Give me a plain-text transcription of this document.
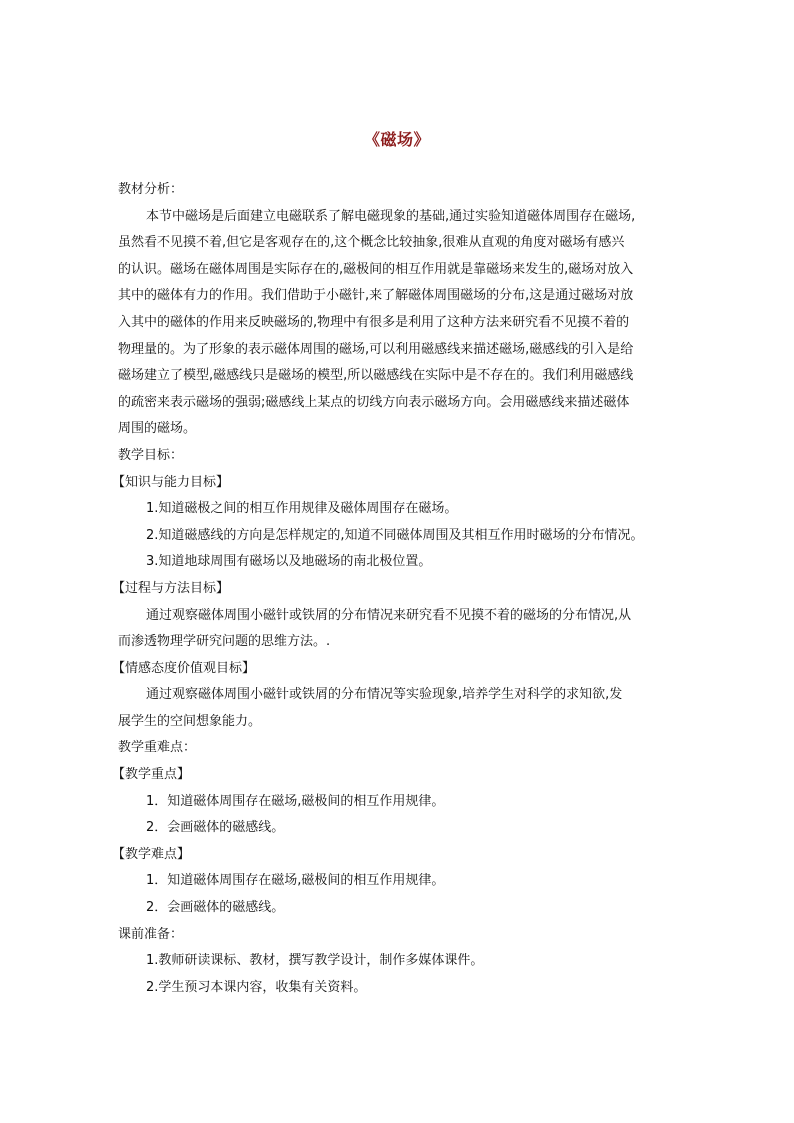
《磁场》
教材分析：
本节中磁场是后面建立电磁联系了解电磁现象的基础,通过实验知道磁体周围存在磁场,
虽然看不见摸不着,但它是客观存在的,这个概念比较抽象,很难从直观的角度对磁场有感兴
的认识。磁场在磁体周围是实际存在的,磁极间的相互作用就是靠磁场来发生的,磁场对放入
其中的磁体有力的作用。我们借助于小磁针,来了解磁体周围磁场的分布,这是通过磁场对放
入其中的磁体的作用来反映磁场的,物理中有很多是利用了这种方法来研究看不见摸不着的
物理量的。为了形象的表示磁体周围的磁场,可以利用磁感线来描述磁场,磁感线的引入是给
磁场建立了模型,磁感线只是磁场的模型,所以磁感线在实际中是不存在的。我们利用磁感线
的疏密来表示磁场的强弱;磁感线上某点的切线方向表示磁场方向。会用磁感线来描述磁体
周围的磁场。
教学目标：
【知识与能力目标】
1.知道磁极之间的相互作用规律及磁体周围存在磁场。
2.知道磁感线的方向是怎样规定的,知道不同磁体周围及其相互作用时磁场的分布情况。
3.知道地球周围有磁场以及地磁场的南北极位置。
【过程与方法目标】
通过观察磁体周围小磁针或铁屑的分布情况来研究看不见摸不着的磁场的分布情况,从
而渗透物理学研究问题的思维方法。.
【情感态度价值观目标】
通过观察磁体周围小磁针或铁屑的分布情况等实验现象,培养学生对科学的求知欲,发
展学生的空间想象能力。
教学重难点：
【教学重点】
1．知道磁体周围存在磁场,磁极间的相互作用规律。
2．会画磁体的磁感线。
【教学难点】
1．知道磁体周围存在磁场,磁极间的相互作用规律。
2．会画磁体的磁感线。
课前准备：
1.教师研读课标、教材，撰写教学设计，制作多媒体课件。
2.学生预习本课内容，收集有关资料。
